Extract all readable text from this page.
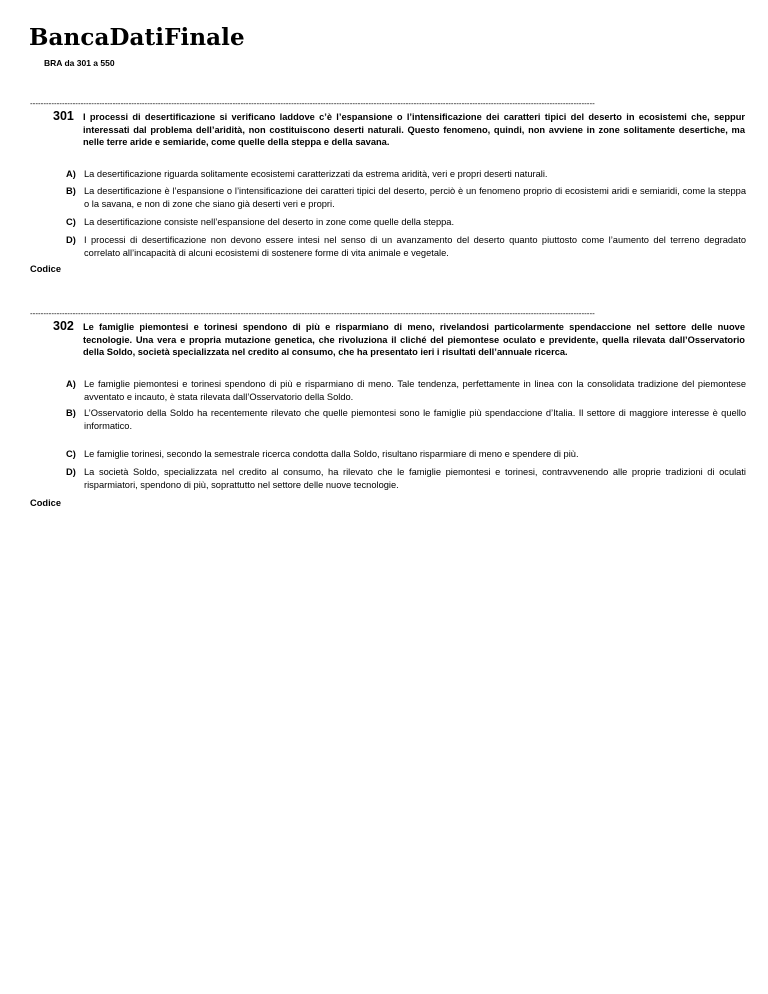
BancaDatiFinale
BRA da 301 a 550
--------------------------------------------------------------------------------------------------------------------------------------------------------------------------------------------------------------------
301 I processi di desertificazione si verificano laddove c’è l’espansione o l’intensificazione dei caratteri tipici del deserto in ecosistemi che, seppur interessati dal problema dell’aridità, non costituiscono deserti naturali. Questo fenomeno, quindi, non avviene in zone solitamente desertiche, ma nelle terre aride e semiaride, come quelle della steppa e della savana.
A) La desertificazione riguarda solitamente ecosistemi caratterizzati da estrema aridità, veri e propri deserti naturali.
B) La desertificazione è l’espansione o l’intensificazione dei caratteri tipici del deserto, perciò è un fenomeno proprio di ecosistemi aridi e semiaridi, come la steppa o la savana, e non di zone che siano già deserti veri e propri.
C) La desertificazione consiste nell’espansione del deserto in zone come quelle della steppa.
D) I processi di desertificazione non devono essere intesi nel senso di un avanzamento del deserto quanto piuttosto come l’aumento del terreno degradato correlato all’incapacità di alcuni ecosistemi di sostenere forme di vita animale e vegetale.
Codice
--------------------------------------------------------------------------------------------------------------------------------------------------------------------------------------------------------------------
302 Le famiglie piemontesi e torinesi spendono di più e risparmiano di meno, rivelandosi particolarmente spendaccione nel settore delle nuove tecnologie. Una vera e propria mutazione genetica, che rivoluziona il cliché del piemontese oculato e previdente, quella rilevata dall’Osservatorio della Soldo, società specializzata nel credito al consumo, che ha presentato ieri i risultati dell’annuale ricerca.
A) Le famiglie piemontesi e torinesi spendono di più e risparmiano di meno. Tale tendenza, perfettamente in linea con la consolidata tradizione del piemontese avventato e incauto, è stata rilevata dall’Osservatorio della Soldo.
B) L’Osservatorio della Soldo ha recentemente rilevato che quelle piemontesi sono le famiglie più spendaccione d’Italia. Il settore di maggiore interesse è quello informatico.
C) Le famiglie torinesi, secondo la semestrale ricerca condotta dalla Soldo, risultano risparmiare di meno e spendere di più.
D) La società Soldo, specializzata nel credito al consumo, ha rilevato che le famiglie piemontesi e torinesi, contravvenendo alle proprie tradizioni di oculati risparmiatori, spendono di più, soprattutto nel settore delle nuove tecnologie.
Codice
